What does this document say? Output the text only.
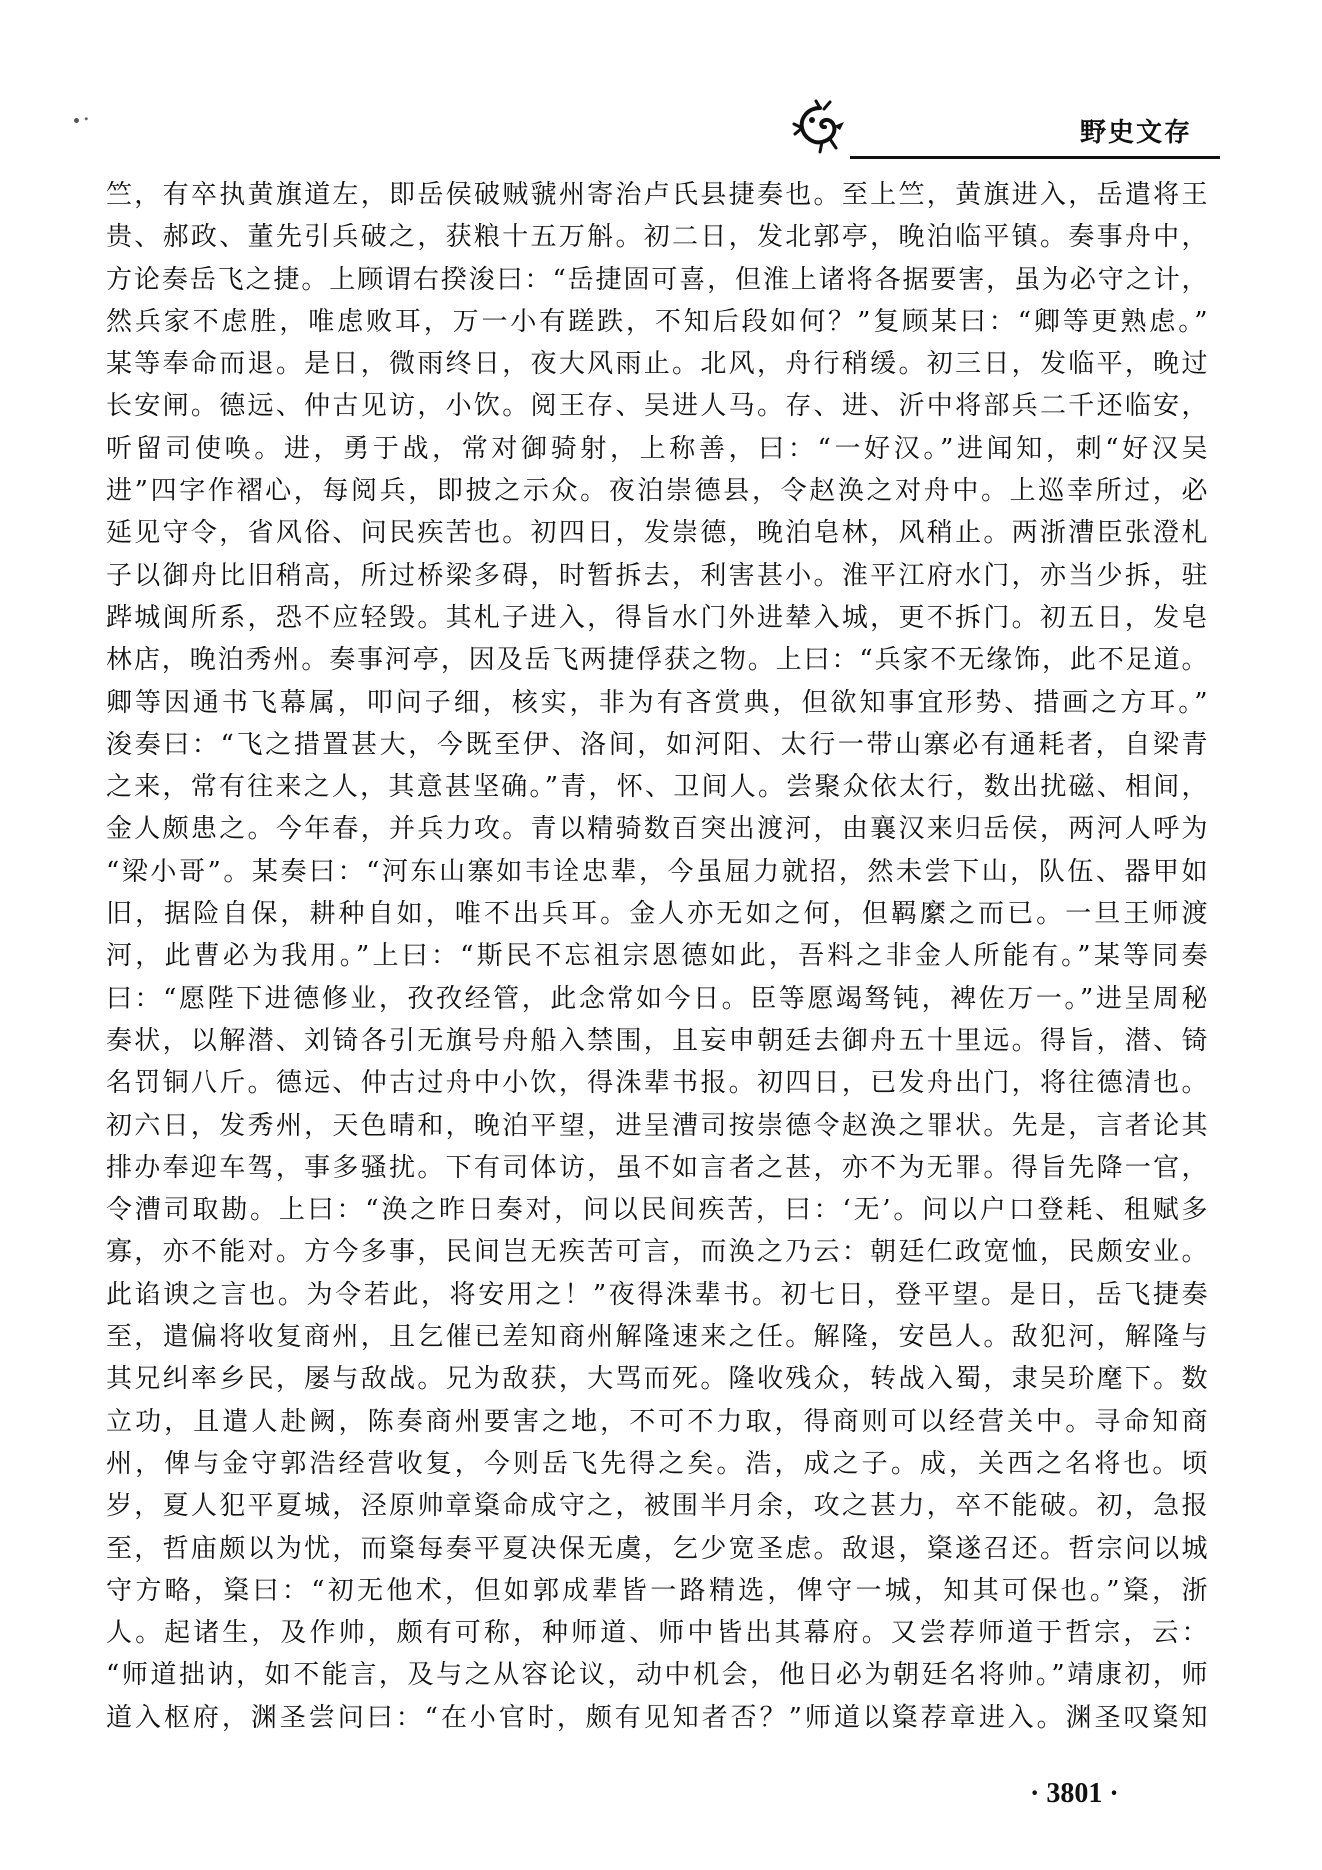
野史文存
竺，有卒执黄旗道左，即岳侯破贼虢州寄治卢氏县捷奏也。至上竺，黄旗进入，岳遣将王
贵、郝政、董先引兵破之，获粮十五万斛。初二日，发北郭亭，晚泊临平镇。奏事舟中，
方论奏岳飞之捷。上顾谓右揆浚曰：“岳捷固可喜，但淮上诸将各据要害，虽为必守之计，
然兵家不虑胜，唯虑败耳，万一小有蹉跌，不知后段如何？”复顾某曰：“卿等更熟虑。”
某等奉命而退。是日，微雨终日，夜大风雨止。北风，舟行稍缓。初三日，发临平，晚过
长安闸。德远、仲古见访，小饮。阅王存、吴进人马。存、进、沂中将部兵二千还临安，
听留司使唤。进，勇于战，常对御骑射，上称善，曰：“一好汉。”进闻知，刺“好汉吴
进”四字作褶心，每阅兵，即披之示众。夜泊崇德县，令赵涣之对舟中。上巡幸所过，必
延见守令，省风俗、问民疾苦也。初四日，发崇德，晚泊皂林，风稍止。两浙漕臣张澄札
子以御舟比旧稍高，所过桥梁多碍，时暂拆去，利害甚小。淮平江府水门，亦当少拆，驻
跸城闽所系，恐不应轻毁。其札子进入，得旨水门外进辇入城，更不拆门。初五日，发皂
林店，晚泊秀州。奏事河亭，因及岳飞两捷俘获之物。上曰：“兵家不无缘饰，此不足道。
卿等因通书飞幕属，叩问子细，核实，非为有吝赏典，但欲知事宜形势、措画之方耳。”
浚奏曰：“飞之措置甚大，今既至伊、洛间，如河阳、太行一带山寨必有通耗者，自梁青
之来，常有往来之人，其意甚坚确。”青，怀、卫间人。尝聚众依太行，数出扰磁、相间，
金人颇患之。今年春，并兵力攻。青以精骑数百突出渡河，由襄汉来归岳侯，两河人呼为
“梁小哥”。某奏曰：“河东山寨如韦诠忠辈，今虽屈力就招，然未尝下山，队伍、器甲如
旧，据险自保，耕种自如，唯不出兵耳。金人亦无如之何，但羁縻之而已。一旦王师渡
河，此曹必为我用。”上曰：“斯民不忘祖宗恩德如此，吾料之非金人所能有。”某等同奏
曰：“愿陛下进德修业，孜孜经管，此念常如今日。臣等愿竭驽钝，裨佐万一。”进呈周秘
奏状，以解潜、刘锜各引无旗号舟船入禁围，且妄申朝廷去御舟五十里远。得旨，潜、锜
名罚铜八斤。德远、仲古过舟中小饮，得洙辈书报。初四日，已发舟出门，将往德清也。
初六日，发秀州，天色晴和，晚泊平望，进呈漕司按崇德令赵涣之罪状。先是，言者论其
排办奉迎车驾，事多骚扰。下有司体访，虽不如言者之甚，亦不为无罪。得旨先降一官，
令漕司取勘。上曰：“涣之昨日奏对，问以民间疾苦，曰：‘无’。问以户口登耗、租赋多
寡，亦不能对。方今多事，民间岂无疾苦可言，而涣之乃云：朝廷仁政宽恤，民颇安业。
此谄谀之言也。为令若此，将安用之！”夜得洙辈书。初七日，登平望。是日，岳飞捷奏
至，遣偏将收复商州，且乞催已差知商州解隆速来之任。解隆，安邑人。敌犯河，解隆与
其兄纠率乡民，屡与敌战。兄为敌获，大骂而死。隆收残众，转战入蜀，隶吴玠麾下。数
立功，且遣人赴阙，陈奏商州要害之地，不可不力取，得商则可以经营关中。寻命知商
州，俾与金守郭浩经营收复，今则岳飞先得之矣。浩，成之子。成，关西之名将也。顷
岁，夏人犯平夏城，泾原帅章楶命成守之，被围半月余，攻之甚力，卒不能破。初，急报
至，哲庙颇以为忧，而楶每奏平夏决保无虞，乞少宽圣虑。敌退，楶遂召还。哲宗问以城
守方略，楶曰：“初无他术，但如郭成辈皆一路精选，俾守一城，知其可保也。”楶，浙
人。起诸生，及作帅，颇有可称，种师道、师中皆出其幕府。又尝荐师道于哲宗，云：
“师道拙讷，如不能言，及与之从容论议，动中机会，他日必为朝廷名将帅。”靖康初，师
道入枢府，渊圣尝问曰：“在小官时，颇有见知者否？”师道以楶荐章进入。渊圣叹楶知
· 3801 ·
